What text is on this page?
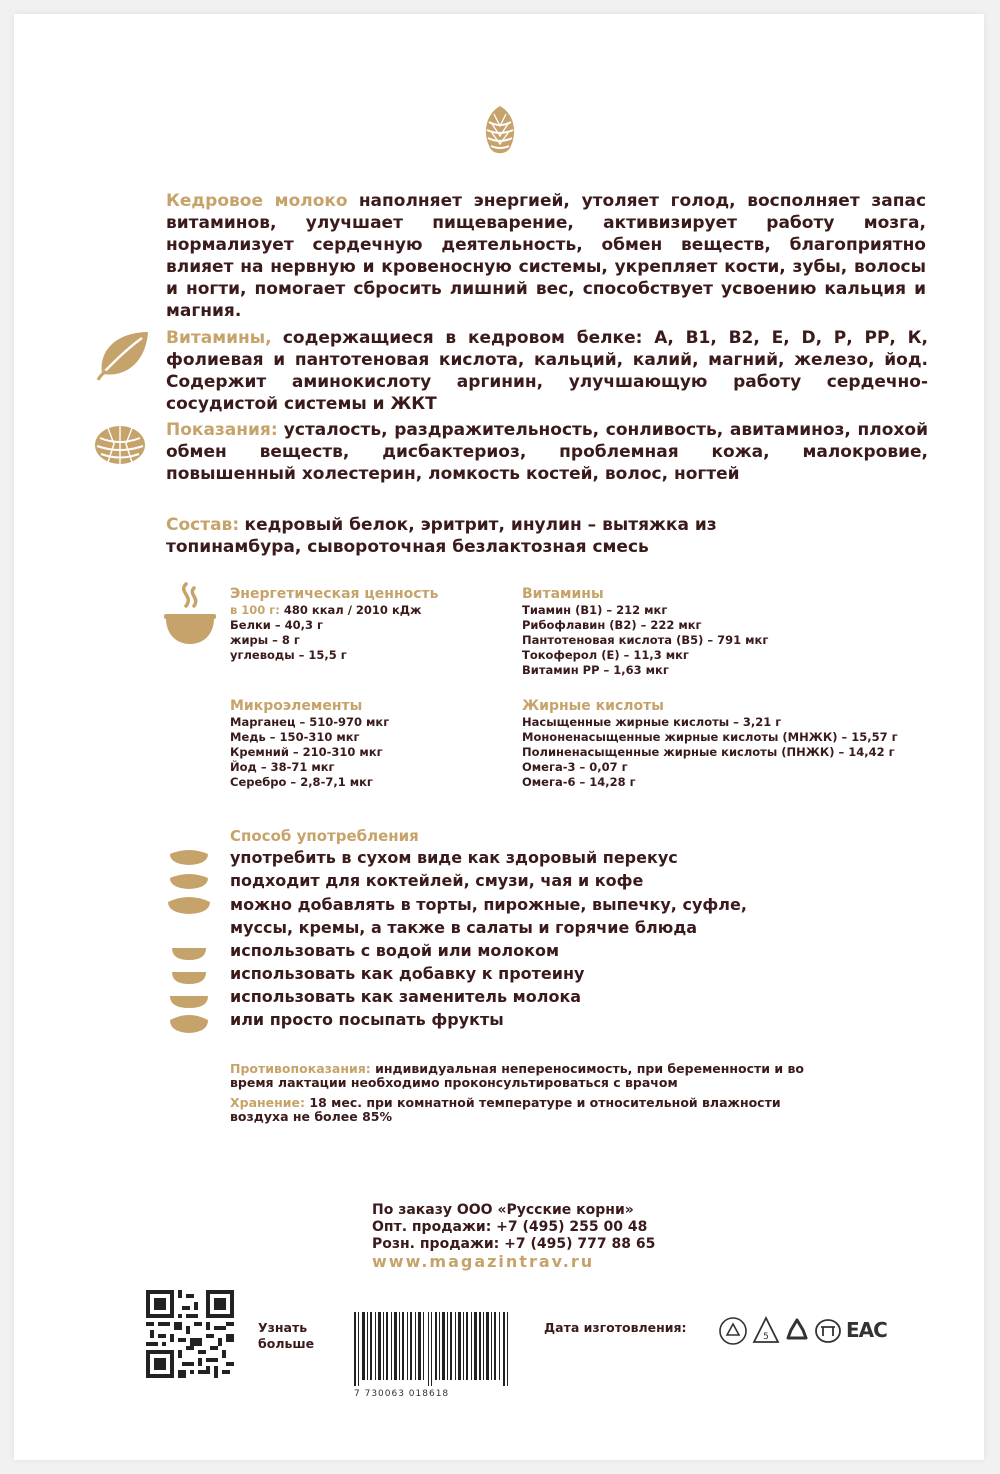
Кедровое молоко наполняет энергией, утоляет голод, восполняет запас витаминов, улучшает пищеварение, активизирует работу мозга, нормализует сердечную деятельность, обмен веществ, благоприятно влияет на нервную и кровеносную системы, укрепляет кости, зубы, волосы и ногти, помогает сбросить лишний вес, способствует усвоению кальция и магния.
Витамины, содержащиеся в кедровом белке: А, В1, В2, Е, D, Р, РР, К, фолиевая и пантотеновая кислота, кальций, калий, магний, железо, йод. Содержит аминокислоту аргинин, улучшающую работу сердечно-сосудистой системы и ЖКТ
Показания: усталость, раздражительность, сонливость, авитаминоз, плохой обмен веществ, дисбактериоз, проблемная кожа, малокровие, повышенный холестерин, ломкость костей, волос, ногтей
Состав: кедровый белок, эритрит, инулин – вытяжка из топинамбура, сывороточная безлактозная смесь
Энергетическая ценность
в 100 г: 480 ккал / 2010 кДж
Белки – 40,3 г
жиры – 8 г
углеводы – 15,5 г
Микроэлементы
Марганец – 510-970 мкг
Медь – 150-310 мкг
Кремний – 210-310 мкг
Йод – 38-71 мкг
Серебро – 2,8-7,1 мкг
Витамины
Тиамин (В1) – 212 мкг
Рибофлавин (В2) – 222 мкг
Пантотеновая кислота (В5) – 791 мкг
Токоферол (Е) – 11,3 мкг
Витамин РР – 1,63 мкг
Жирные кислоты
Насыщенные жирные кислоты – 3,21 г
Мононенасыщенные жирные кислоты (МНЖК) – 15,57 г
Полиненасыщенные жирные кислоты (ПНЖК) – 14,42 г
Омега-3 – 0,07 г
Омега-6 – 14,28 г
Способ употребления
употребить в сухом виде как здоровый перекус
подходит для коктейлей, смузи, чая и кофе
можно добавлять в торты, пирожные, выпечку, суфле,
муссы, кремы, а также в салаты и горячие блюда
использовать с водой или молоком
использовать как добавку к протеину
использовать как заменитель молока
или просто посыпать фрукты
Противопоказания: индивидуальная непереносимость, при беременности и во время лактации необходимо проконсультироваться с врачом
Хранение: 18 мес. при комнатной температуре и относительной влажности воздуха не более 85%
По заказу ООО «Русские корни»
Опт. продажи: +7 (495) 255 00 48
Розн. продажи: +7 (495) 777 88 65
www.magazintrav.ru
Узнать
больше
7 730063 018618
Дата изготовления:
5	EAC
